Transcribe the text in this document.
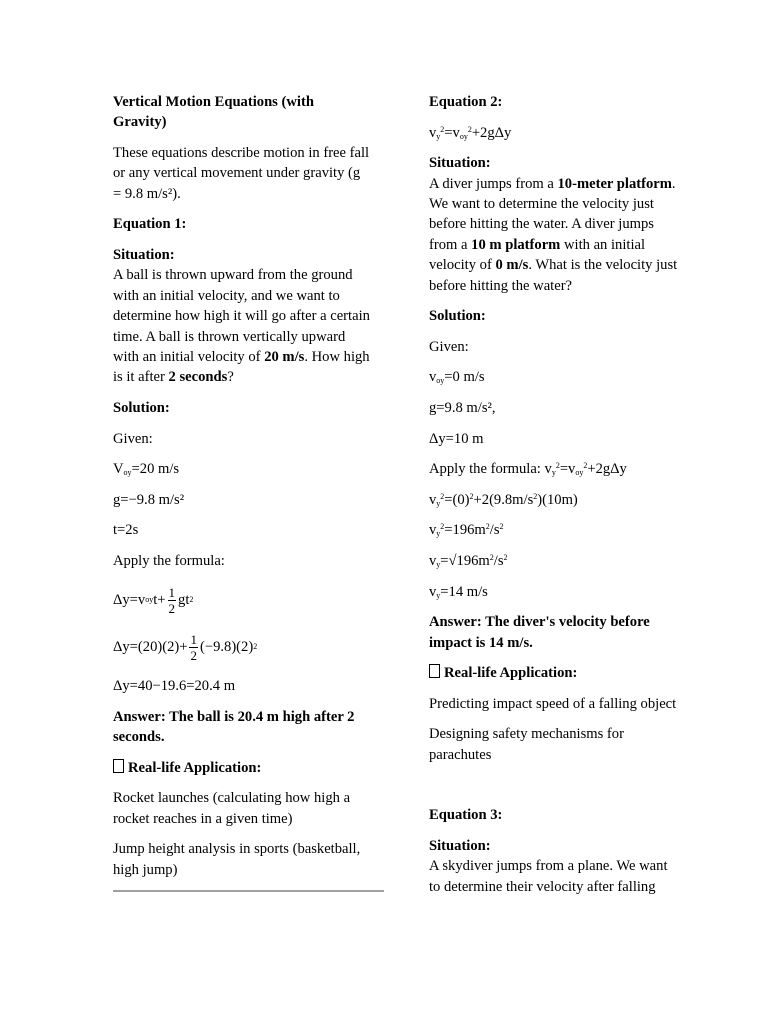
Vertical Motion Equations (with Gravity)

These equations describe motion in free fall or any vertical movement under gravity (g = 9.8 m/s²).

Equation 1:

Situation:
A ball is thrown upward from the ground with an initial velocity, and we want to determine how high it will go after a certain time. A ball is thrown vertically upward with an initial velocity of 20 m/s. How high is it after 2 seconds?

Solution:

Given:

$V_{oy}=20$ m/s

g=−9.8 m/s²

t=2s

Apply the formula:

Δy=v oy $t+ \frac{1}{2}$ gt 2
$\Delta y=(20)(2)+ \frac{1}{2} (-9.8)(2)$ 2

Δy=40−19.6=20.4 m

Answer: The ball is 20.4 m high after 2 seconds.

Real-life Application:

Rocket launches (calculating how high a rocket reaches in a given time)

Jump height analysis in sports (basketball, high jump)

Equation 2:

$v_y^2=v_{oy}^2+2g\Delta y$

Situation:
A diver jumps from a 10-meter platform. We want to determine the velocity just before hitting the water. A diver jumps from a 10 m platform with an initial velocity of 0 m/s. What is the velocity just before hitting the water?

Solution:

Given:

$v_{oy}=0$ m/s

g=9.8 m/s²,

Δy=10 m

Apply the formula: $v_y^2=v_{oy}^2+2g\Delta y$

$v_y^2=(0)^2+2(9.8m/s^2)(10m)$

$v_y^2=196m^2/s^2$

$v_y=√196m^2/s^2$

$v_y=14$ m/s

Answer: The diver's velocity before impact is 14 m/s.

Real-life Application:

Predicting impact speed of a falling object

Designing safety mechanisms for parachutes

Equation 3:

Situation:
A skydiver jumps from a plane. We want to determine their velocity after falling
